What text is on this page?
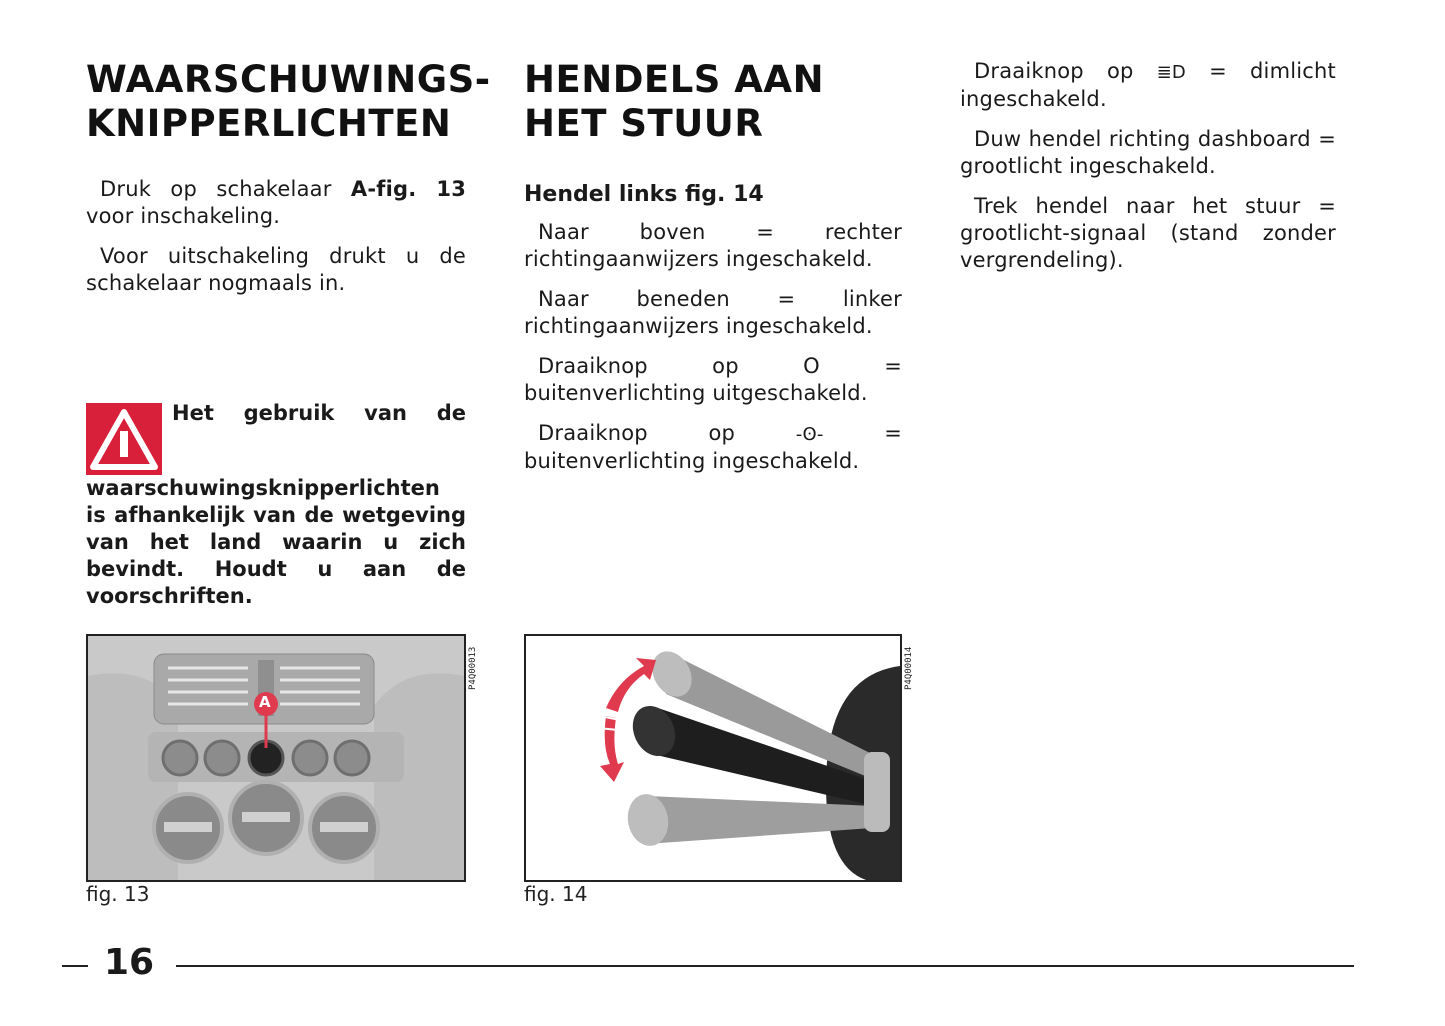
WAARSCHUWINGS-
KNIPPERLICHTEN

Druk op schakelaar A-fig. 13 voor inschakeling.

Voor uitschakeling drukt u de schakelaar nogmaals in.

Het gebruik van de waarschuwingsknipperlichten is afhankelijk van de wetgeving van het land waarin u zich bevindt. Houdt u aan de voorschriften.
HENDELS AAN
HET STUUR
Hendel links fig. 14

Naar boven = rechter richtingaanwijzers ingeschakeld.

Naar beneden = linker richtingaanwijzers ingeschakeld.

Draaiknop op O = buitenverlichting uitgeschakeld.

Draaiknop op -ʘ- = buitenverlichting ingeschakeld.

Draaiknop op ≣D = dimlicht ingeschakeld.

Duw hendel richting dashboard = grootlicht ingeschakeld.

Trek hendel naar het stuur = grootlicht-signaal (stand zonder vergrendeling).

A
P4Q00013
fig. 13
P4Q00014
fig. 14
16
